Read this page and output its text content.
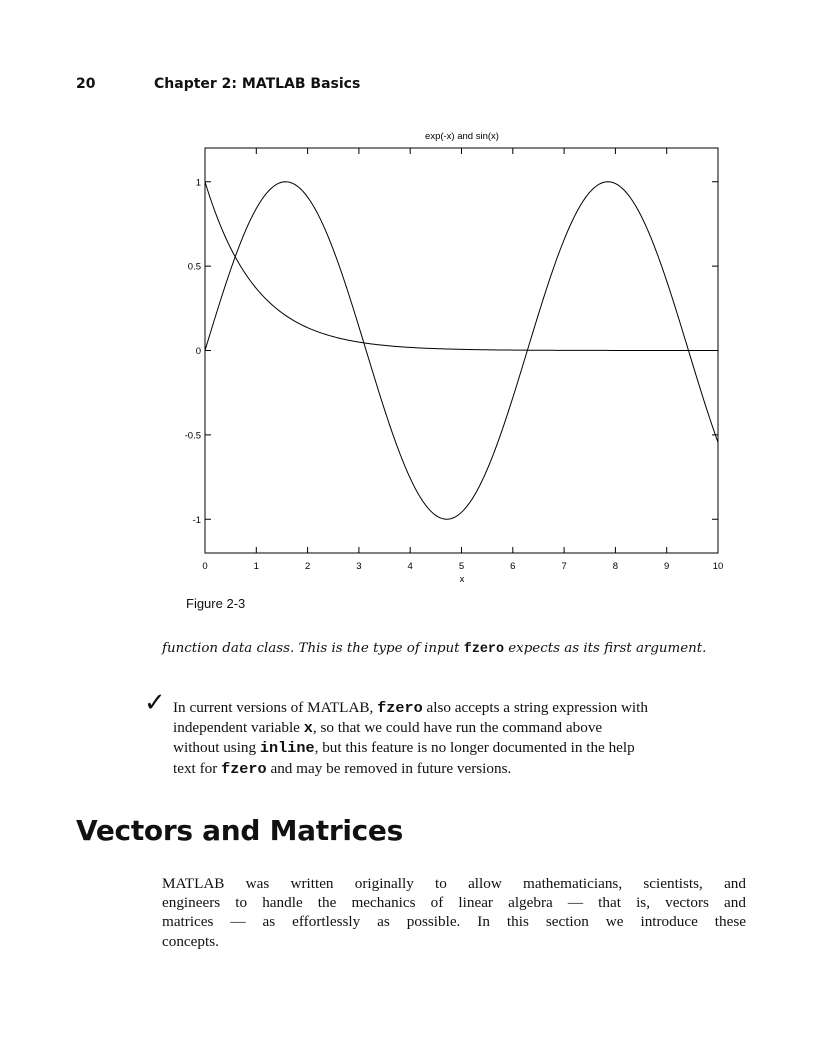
20	Chapter 2: MATLAB Basics
exp(-x) and sin(x)
-1
-0.5
0
0.5
1
0	1	2	3	4	5	6	7	8	9	10
x
Figure 2-3
function data class. This is the type of input fzero expects as its first argument.
✓ In current versions of MATLAB, fzero also accepts a string expression with
independent variable x, so that we could have run the command above
without using inline, but this feature is no longer documented in the help
text for fzero and may be removed in future versions.
Vectors and Matrices
MATLAB was written originally to allow mathematicians, scientists, and
engineers to handle the mechanics of linear algebra — that is, vectors and
matrices — as effortlessly as possible. In this section we introduce these
concepts.
